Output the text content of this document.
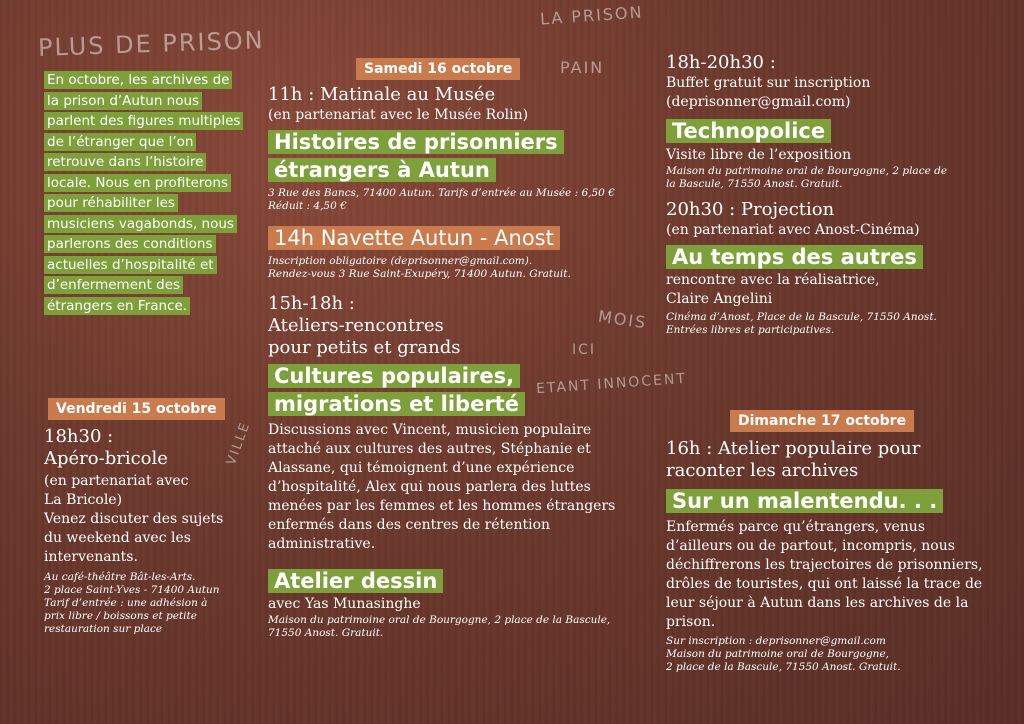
PLUS DE PRISON
PAIN
LA PRISON
MOIS
ICI
ETANT INNOCENT
VILLE
En octobre, les archives de la prison d’Autun nous parlent des figures multiples de l’étranger que l’on retrouve dans l’histoire locale. Nous en profiterons pour réhabiliter les musiciens vagabonds, nous parlerons des conditions actuelles d’hospitalité et d’enfermement des étrangers en France.
Vendredi 15 octobre
18h30 :
Apéro-bricole
(en partenariat avec
La Bricole)
Venez discuter des sujets du weekend avec les intervenants.
Au café-théâtre Bât-les-Arts.
2 place Saint-Yves - 71400 Autun
Tarif d’entrée : une adhésion à prix libre / boissons et petite restauration sur place
Samedi 16 octobre
11h : Matinale au Musée
(en partenariat avec le Musée Rolin)
Histoires de prisonniers
étrangers à Autun
3 Rue des Bancs, 71400 Autun. Tarifs d’entrée au Musée : 6,50 €
Réduit : 4,50 €
14h Navette Autun - Anost
Inscription obligatoire (deprisonner@gmail.com).
Rendez-vous 3 Rue Saint-Exupéry, 71400 Autun. Gratuit.
15h-18h :
Ateliers-rencontres
pour petits et grands
Cultures populaires,
migrations et liberté
Discussions avec Vincent, musicien populaire attaché aux cultures des autres, Stéphanie et Alassane, qui témoignent d’une expérience d’hospitalité, Alex qui nous parlera des luttes menées par les femmes et les hommes étrangers enfermés dans des centres de rétention administrative.
Atelier dessin
avec Yas Munasinghe
Maison du patrimoine oral de Bourgogne, 2 place de la Bascule,
71550 Anost. Gratuit.
18h-20h30 :
Buffet gratuit sur inscription
(deprisonner@gmail.com)
Technopolice
Visite libre de l’exposition
Maison du patrimoine oral de Bourgogne, 2 place de
la Bascule, 71550 Anost. Gratuit.
20h30 : Projection
(en partenariat avec Anost-Cinéma)
Au temps des autres
rencontre avec la réalisatrice,
Claire Angelini
Cinéma d’Anost, Place de la Bascule, 71550 Anost.
Entrées libres et participatives.
Dimanche 17 octobre
16h : Atelier populaire pour
raconter les archives
Sur un malentendu. . .
Enfermés parce qu’étrangers, venus d’ailleurs ou de partout, incompris, nous déchiffrerons les trajectoires de prisonniers, drôles de touristes, qui ont laissé la trace de leur séjour à Autun dans les archives de la prison.
Sur inscription : deprisonner@gmail.com
Maison du patrimoine oral de Bourgogne,
2 place de la Bascule, 71550 Anost. Gratuit.
